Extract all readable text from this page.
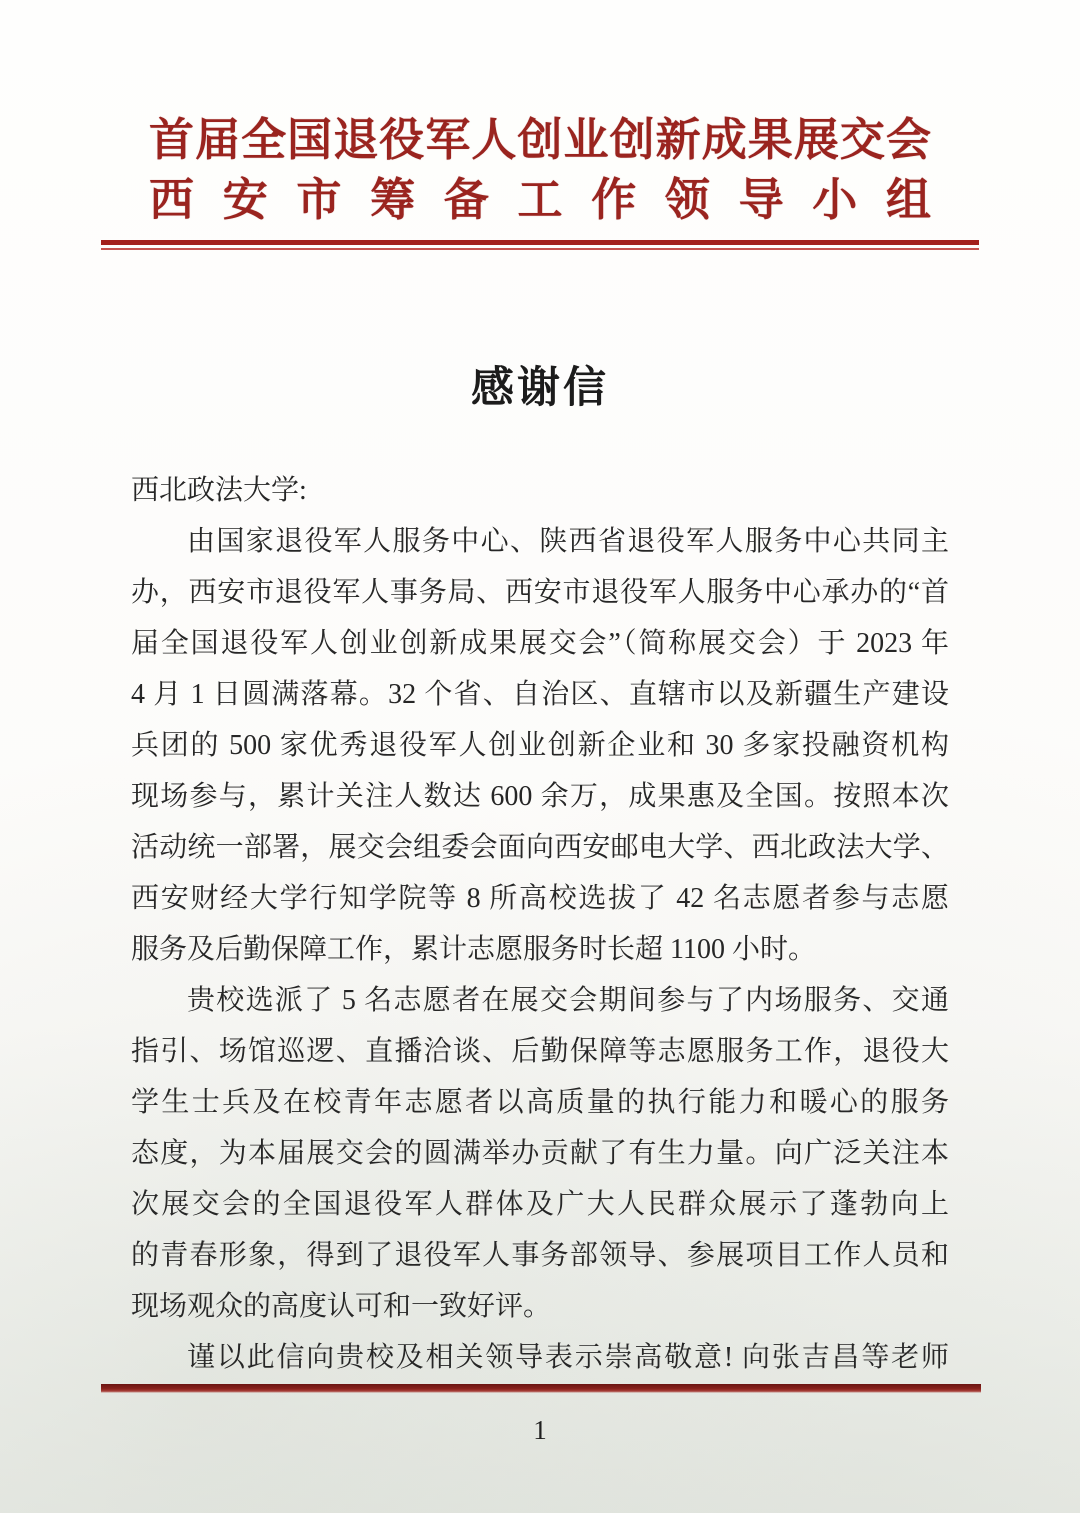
首届全国退役军人创业创新成果展交会
西安市筹备工作领导小组
感谢信
西北政法大学:
由国家退役军人服务中心、陕西省退役军人服务中心共同主
办，西安市退役军人事务局、西安市退役军人服务中心承办的“首
届全国退役军人创业创新成果展交会”（简称展交会）于 2023 年
4 月 1 日圆满落幕。32 个省、自治区、直辖市以及新疆生产建设
兵团的 500 家优秀退役军人创业创新企业和 30 多家投融资机构
现场参与，累计关注人数达 600 余万，成果惠及全国。按照本次
活动统一部署，展交会组委会面向西安邮电大学、西北政法大学、
西安财经大学行知学院等 8 所高校选拔了 42 名志愿者参与志愿
服务及后勤保障工作，累计志愿服务时长超 1100 小时。
贵校选派了 5 名志愿者在展交会期间参与了内场服务、交通
指引、场馆巡逻、直播洽谈、后勤保障等志愿服务工作，退役大
学生士兵及在校青年志愿者以高质量的执行能力和暖心的服务
态度，为本届展交会的圆满举办贡献了有生力量。向广泛关注本
次展交会的全国退役军人群体及广大人民群众展示了蓬勃向上
的青春形象，得到了退役军人事务部领导、参展项目工作人员和
现场观众的高度认可和一致好评。
谨以此信向贵校及相关领导表示崇高敬意! 向张吉昌等老师
1
